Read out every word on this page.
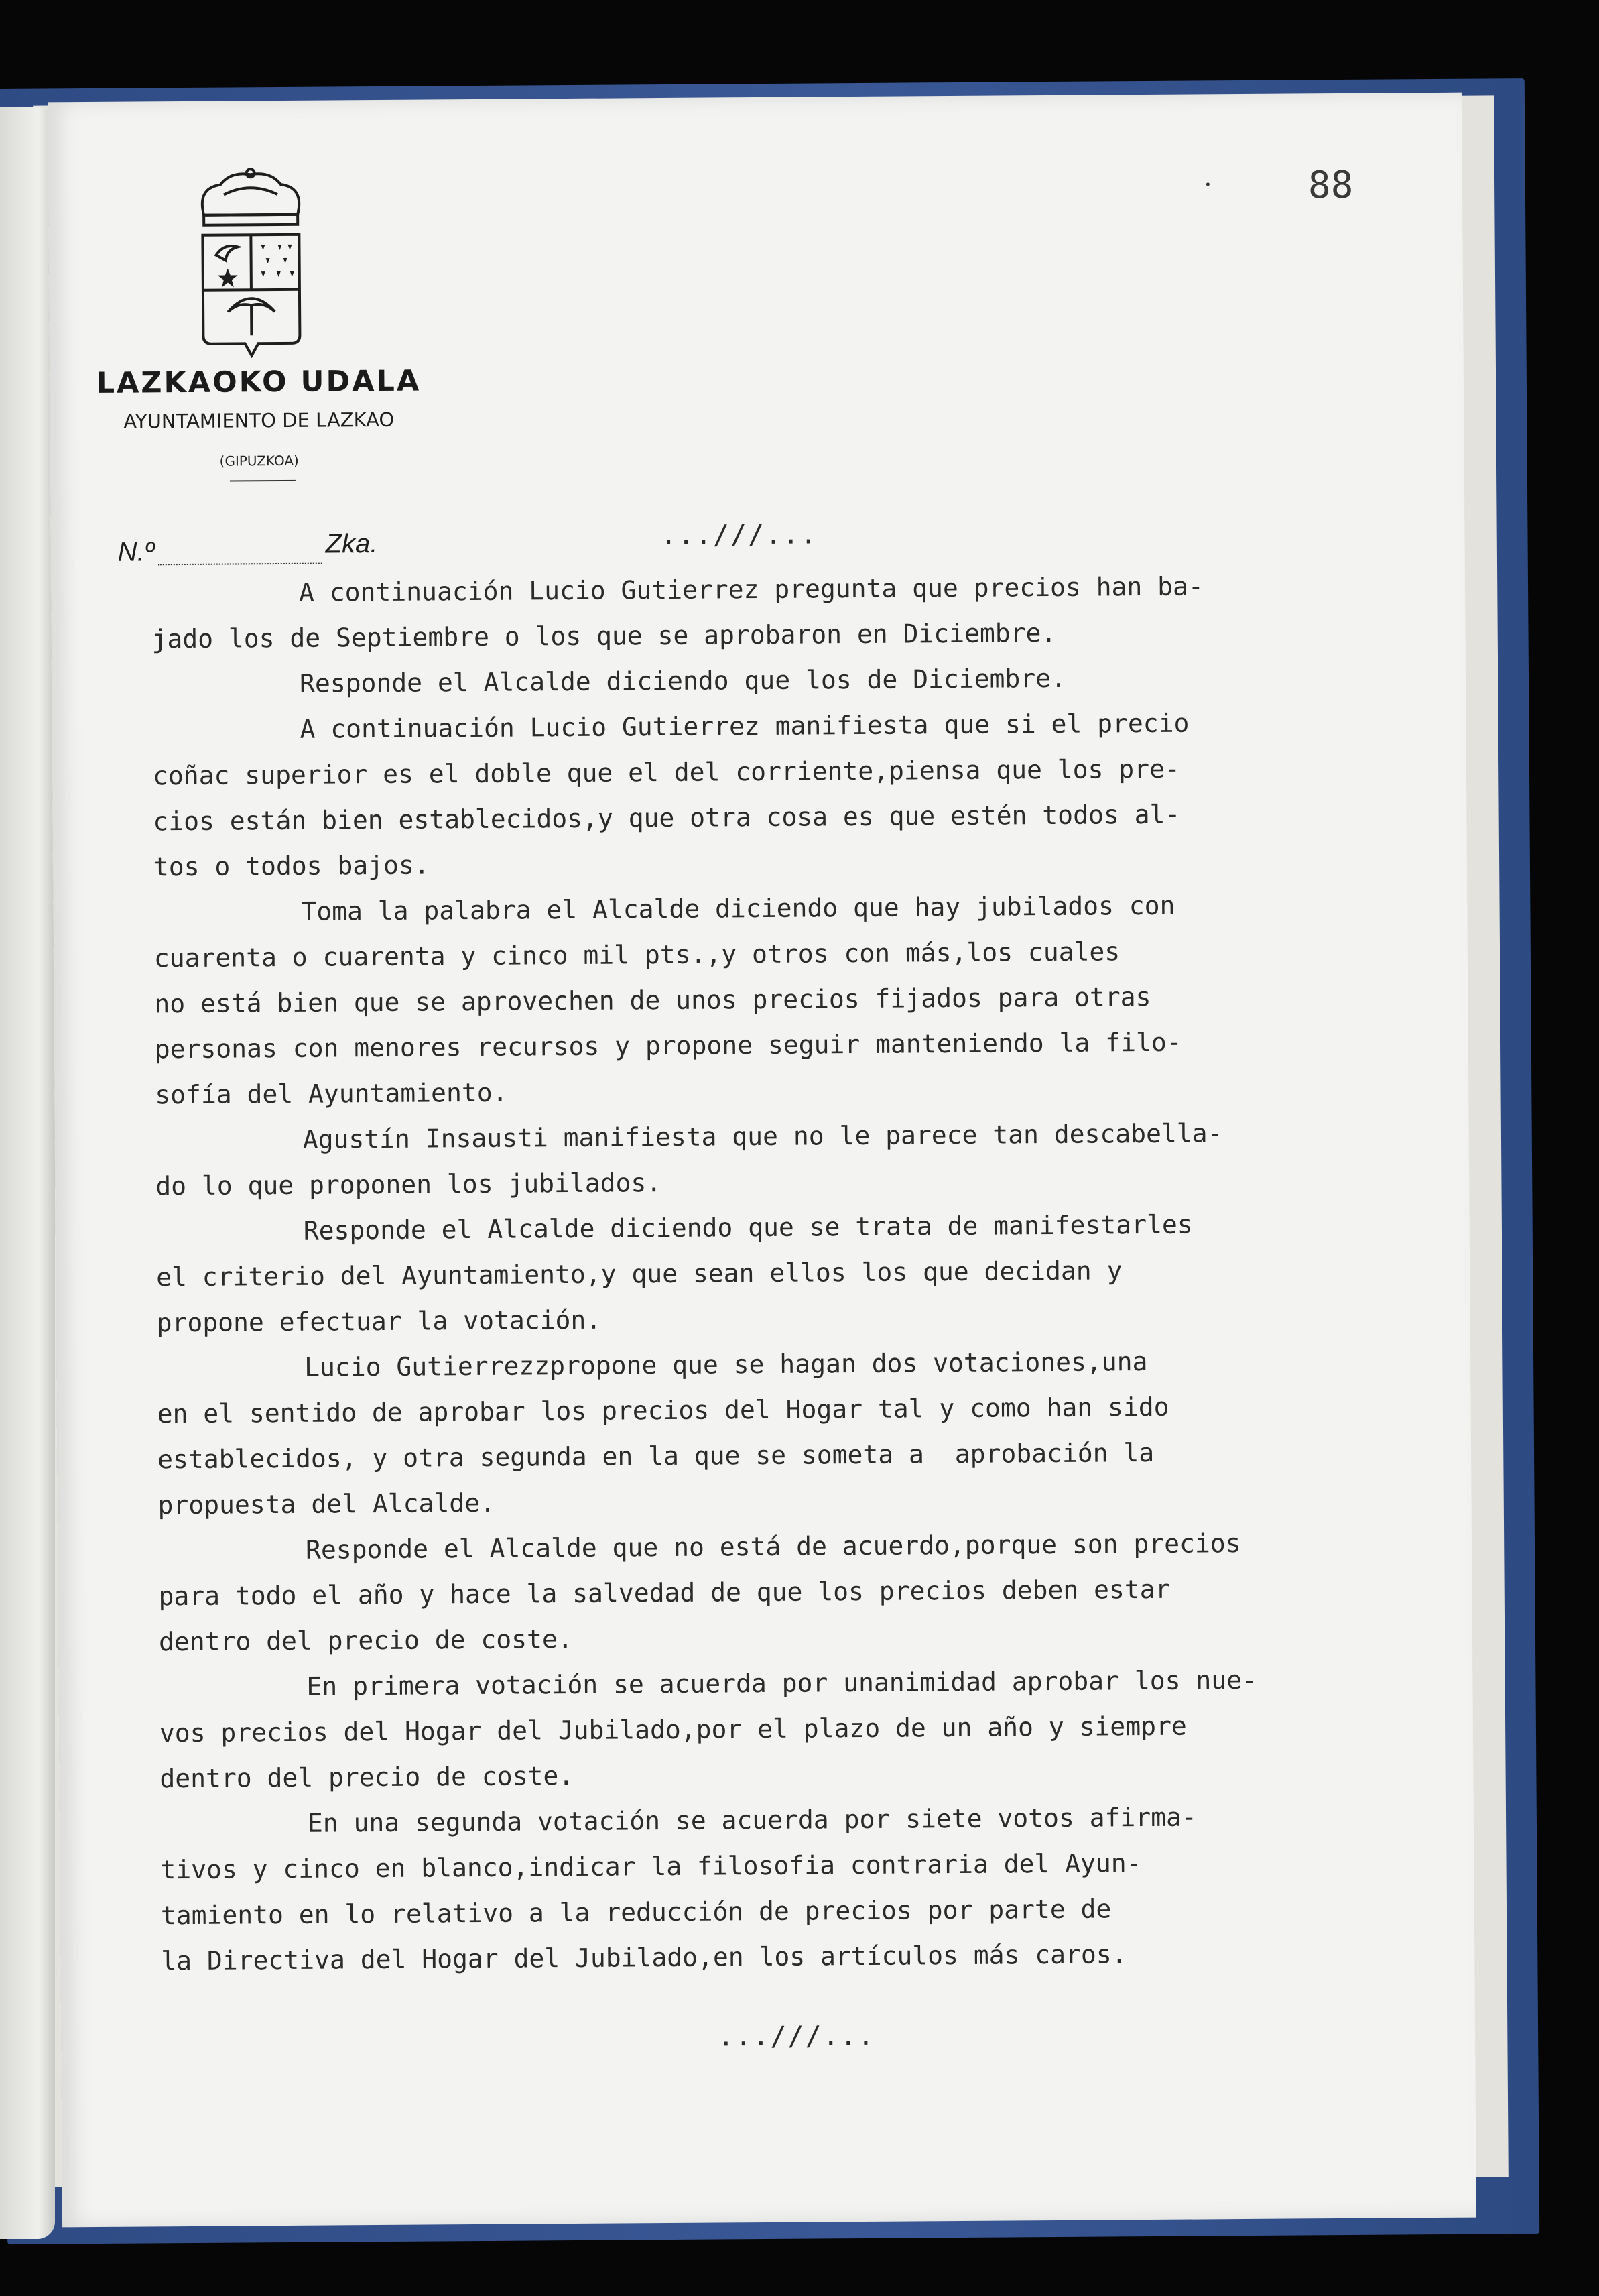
LAZKAOKO UDALA
AYUNTAMIENTO DE LAZKAO
(GIPUZKOA)
88
N.º	Zka.	...///...
A continuación Lucio Gutierrez pregunta que precios han ba-
jado los de Septiembre o los que se aprobaron en Diciembre.
Responde el Alcalde diciendo que los de Diciembre.
A continuación Lucio Gutierrez manifiesta que si el precio
coñac superior es el doble que el del corriente,piensa que los pre-
cios están bien establecidos,y que otra cosa es que estén todos al-
tos o todos bajos.
Toma la palabra el Alcalde diciendo que hay jubilados con
cuarenta o cuarenta y cinco mil pts.,y otros con más,los cuales
no está bien que se aprovechen de unos precios fijados para otras
personas con menores recursos y propone seguir manteniendo la filo-
sofía del Ayuntamiento.
Agustín Insausti manifiesta que no le parece tan descabella-
do lo que proponen los jubilados.
Responde el Alcalde diciendo que se trata de manifestarles
el criterio del Ayuntamiento,y que sean ellos los que decidan y
propone efectuar la votación.
Lucio Gutierrezzpropone que se hagan dos votaciones,una
en el sentido de aprobar los precios del Hogar tal y como han sido
establecidos, y otra segunda en la que se someta a  aprobación la
propuesta del Alcalde.
Responde el Alcalde que no está de acuerdo,porque son precios
para todo el año y hace la salvedad de que los precios deben estar
dentro del precio de coste.
En primera votación se acuerda por unanimidad aprobar los nue-
vos precios del Hogar del Jubilado,por el plazo de un año y siempre
dentro del precio de coste.
En una segunda votación se acuerda por siete votos afirma-
tivos y cinco en blanco,indicar la filosofia contraria del Ayun-
tamiento en lo relativo a la reducción de precios por parte de
la Directiva del Hogar del Jubilado,en los artículos más caros.
...///...
